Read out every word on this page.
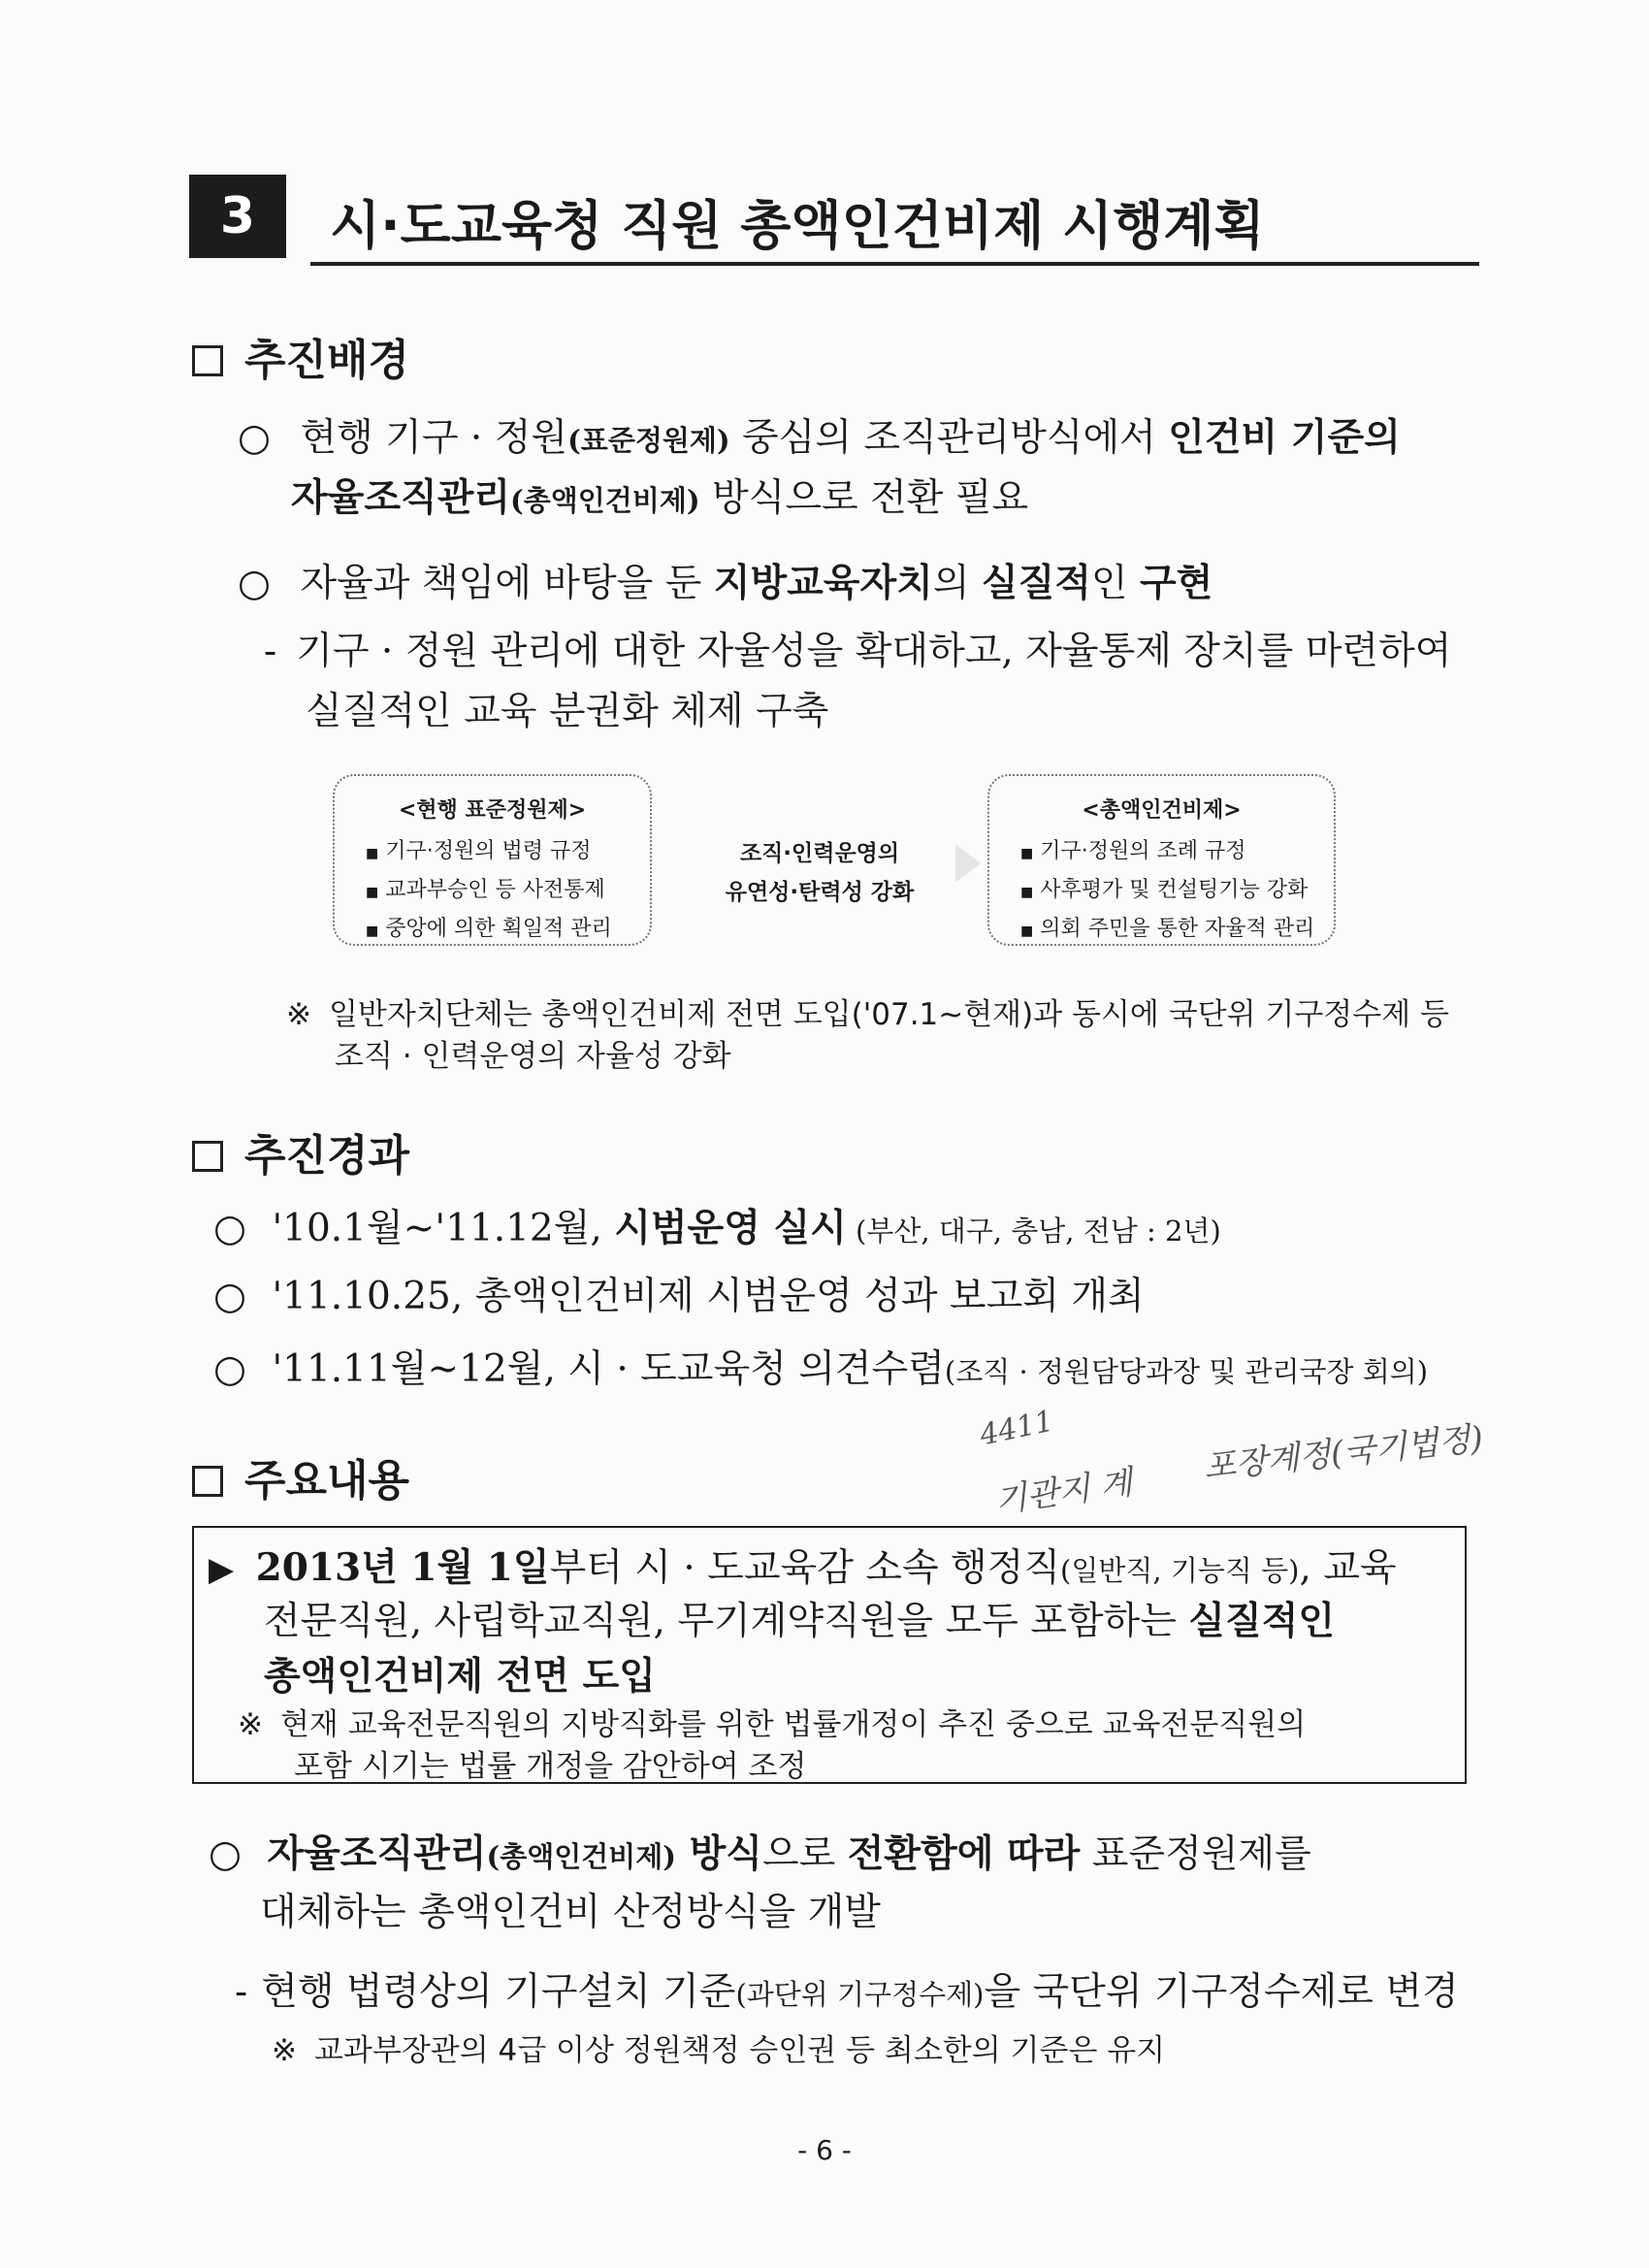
3	시·도교육청 직원 총액인건비제 시행계획
추진배경
○ 현행 기구 · 정원(표준정원제) 중심의 조직관리방식에서 인건비 기준의
자율조직관리(총액인건비제) 방식으로 전환 필요
○ 자율과 책임에 바탕을 둔 지방교육자치의 실질적인 구현
- 기구 · 정원 관리에 대한 자율성을 확대하고, 자율통제 장치를 마련하여
실질적인 교육 분권화 체제 구축
<현행 표준정원제>
■ 기구·정원의 법령 규정
■ 교과부승인 등 사전통제
■ 중앙에 의한 획일적 관리
조직·인력운영의
유연성·탄력성 강화
<총액인건비제>
■ 기구·정원의 조례 규정
■ 사후평가 및 컨설팅기능 강화
■ 의회 주민을 통한 자율적 관리
※ 일반자치단체는 총액인건비제 전면 도입('07.1~현재)과 동시에 국단위 기구정수제 등
조직 · 인력운영의 자율성 강화
추진경과
○ '10.1월~'11.12월, 시범운영 실시 (부산, 대구, 충남, 전남 : 2년)
○ '11.10.25, 총액인건비제 시범운영 성과 보고회 개최
○ '11.11월~12월, 시 · 도교육청 의견수렴(조직 · 정원담당과장 및 관리국장 회의)
주요내용
4411
기관지 계
포장계정(국기법정)
▶ 2013년 1월 1일부터 시 · 도교육감 소속 행정직(일반직, 기능직 등), 교육
전문직원, 사립학교직원, 무기계약직원을 모두 포함하는 실질적인
총액인건비제 전면 도입
※ 현재 교육전문직원의 지방직화를 위한 법률개정이 추진 중으로 교육전문직원의
포함 시기는 법률 개정을 감안하여 조정
○ 자율조직관리(총액인건비제) 방식으로 전환함에 따라 표준정원제를
대체하는 총액인건비 산정방식을 개발
- 현행 법령상의 기구설치 기준(과단위 기구정수제)을 국단위 기구정수제로 변경
※ 교과부장관의 4급 이상 정원책정 승인권 등 최소한의 기준은 유지
- 6 -
